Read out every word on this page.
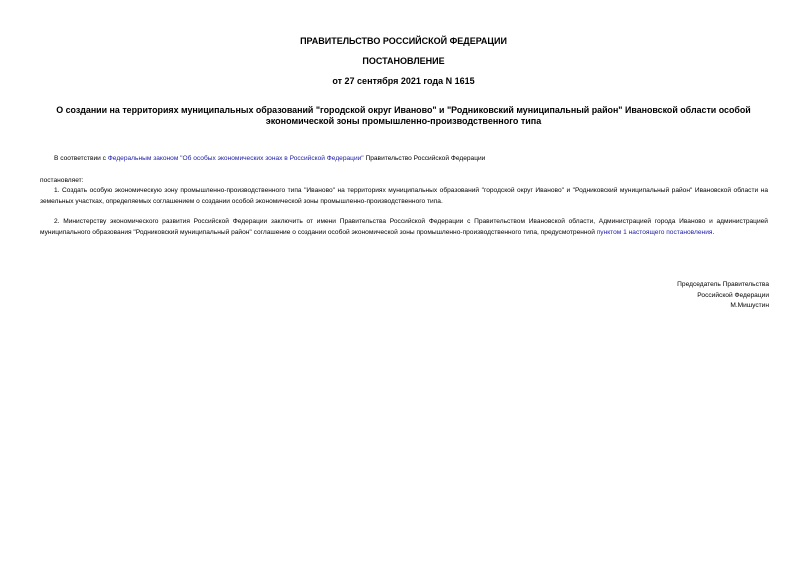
ПРАВИТЕЛЬСТВО РОССИЙСКОЙ ФЕДЕРАЦИИ
ПОСТАНОВЛЕНИЕ
от 27 сентября 2021 года N 1615
О создании на территориях муниципальных образований "городской округ Иваново" и "Родниковский муниципальный район" Ивановской области особой
экономической зоны промышленно-производственного типа
В соответствии с Федеральным законом "Об особых экономических зонах в Российской Федерации" Правительство Российской Федерации
постановляет:
1. Создать особую экономическую зону промышленно-производственного типа "Иваново" на территориях муниципальных образований "городской округ Иваново" и "Родниковский муниципальный район" Ивановской области на земельных участках, определяемых соглашением о создании особой экономической зоны промышленно-производственного типа.
2. Министерству экономического развития Российской Федерации заключить от имени Правительства Российской Федерации с Правительством Ивановской области, Администрацией города Иваново и администрацией муниципального образования "Родниковский муниципальный район" соглашение о создании особой экономической зоны промышленно-производственного типа, предусмотренной пунктом 1 настоящего постановления.
Председатель Правительства
Российской Федерации
М.Мишустин
